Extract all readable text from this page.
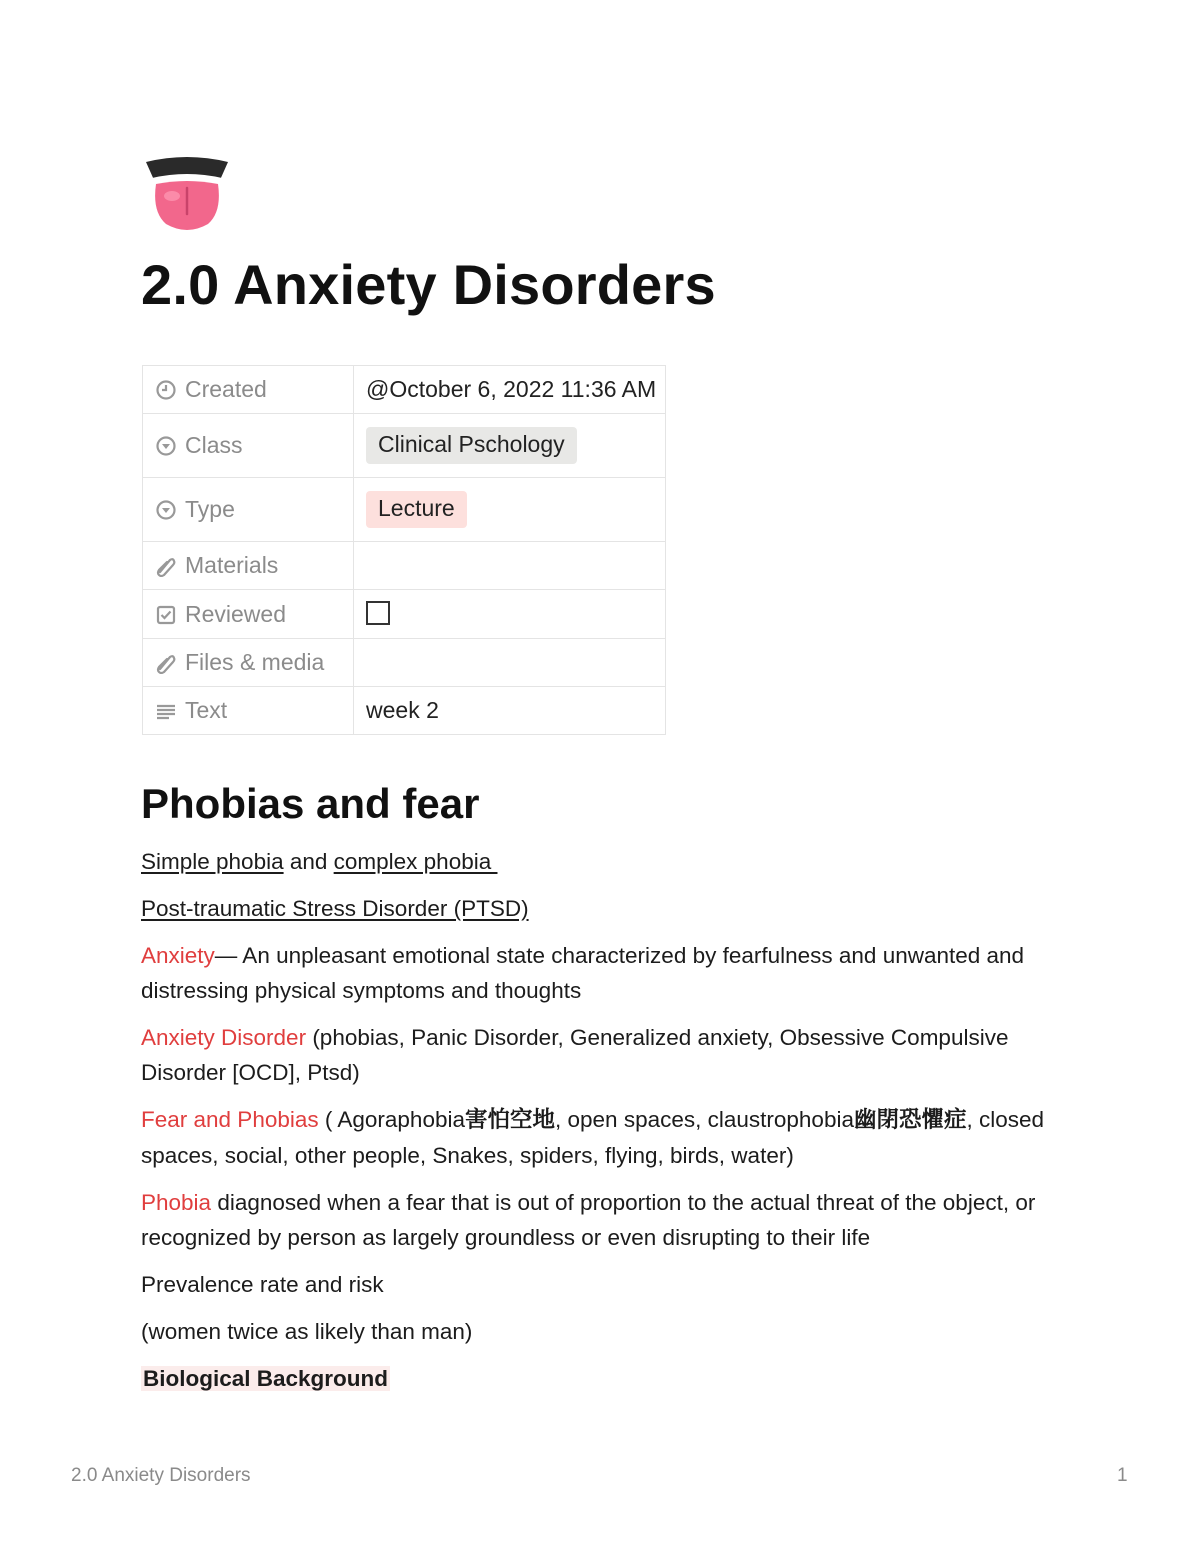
2.0 Anxiety Disorders
Created	@October 6, 2022 11:36 AM
Class	Clinical Pschology
Type	Lecture
Materials	
Reviewed	
Files & media	
Text	week 2
Phobias and fear

Simple phobia and complex phobia

Post-traumatic Stress Disorder (PTSD)

Anxiety— An unpleasant emotional state characterized by fearfulness and unwanted and distressing physical symptoms and thoughts

Anxiety Disorder (phobias, Panic Disorder, Generalized anxiety, Obsessive Compulsive Disorder [OCD], Ptsd)

Fear and Phobias ( Agoraphobia害怕空地, open spaces, claustrophobia幽閉恐懼症, closed spaces, social, other people, Snakes, spiders, flying, birds, water)

Phobia diagnosed when a fear that is out of proportion to the actual threat of the object, or recognized by person as largely groundless or even disrupting to their life

Prevalence rate and risk

(women twice as likely than man)

Biological Background

2.0 Anxiety Disorders	1
